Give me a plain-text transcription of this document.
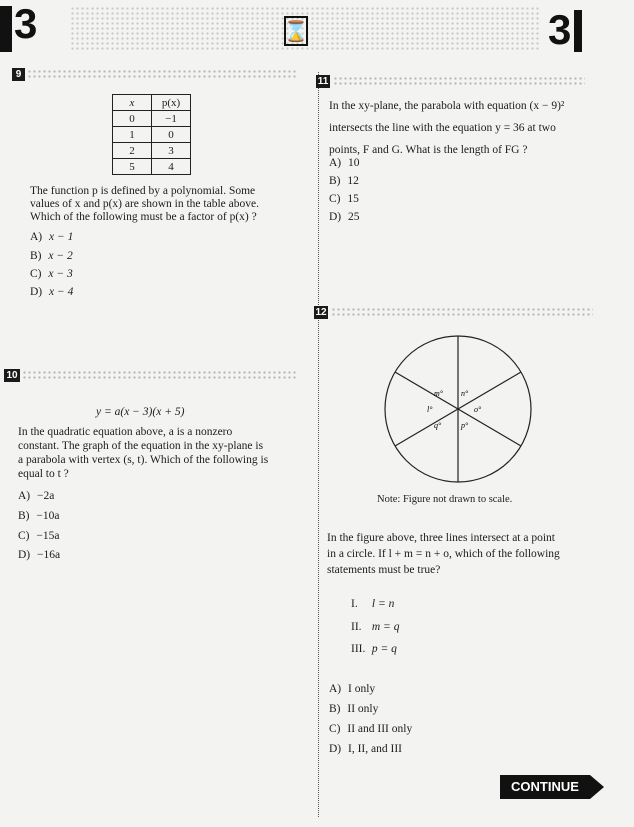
3	⌛	3
9
x	p(x)
0	−1
1	0
2	3
5	4
The function p is defined by a polynomial. Some
values of x and p(x) are shown in the table above.
Which of the following must be a factor of p(x) ?
A) x − 1
B) x − 2
C) x − 3
D) x − 4
10
y = a(x − 3)(x + 5)
In the quadratic equation above, a is a nonzero
constant. The graph of the equation in the xy-plane is
a parabola with vertex (s, t). Which of the following is
equal to t ?
A) −2a
B) −10a
C) −15a
D) −16a
11
In the xy-plane, the parabola with equation (x − 9)²
intersects the line with the equation y = 36 at two
points, F and G. What is the length of FG ?
A) 10
B) 12
C) 15
D) 25
12
m° n°
l°	o°
q° p°
Note: Figure not drawn to scale.
In the figure above, three lines intersect at a point
in a circle. If l + m = n + o, which of the following
statements must be true?
I. l = n
II. m = q
III. p = q
A) I only
B) II only
C) II and III only
D) I, II, and III
CONTINUE
